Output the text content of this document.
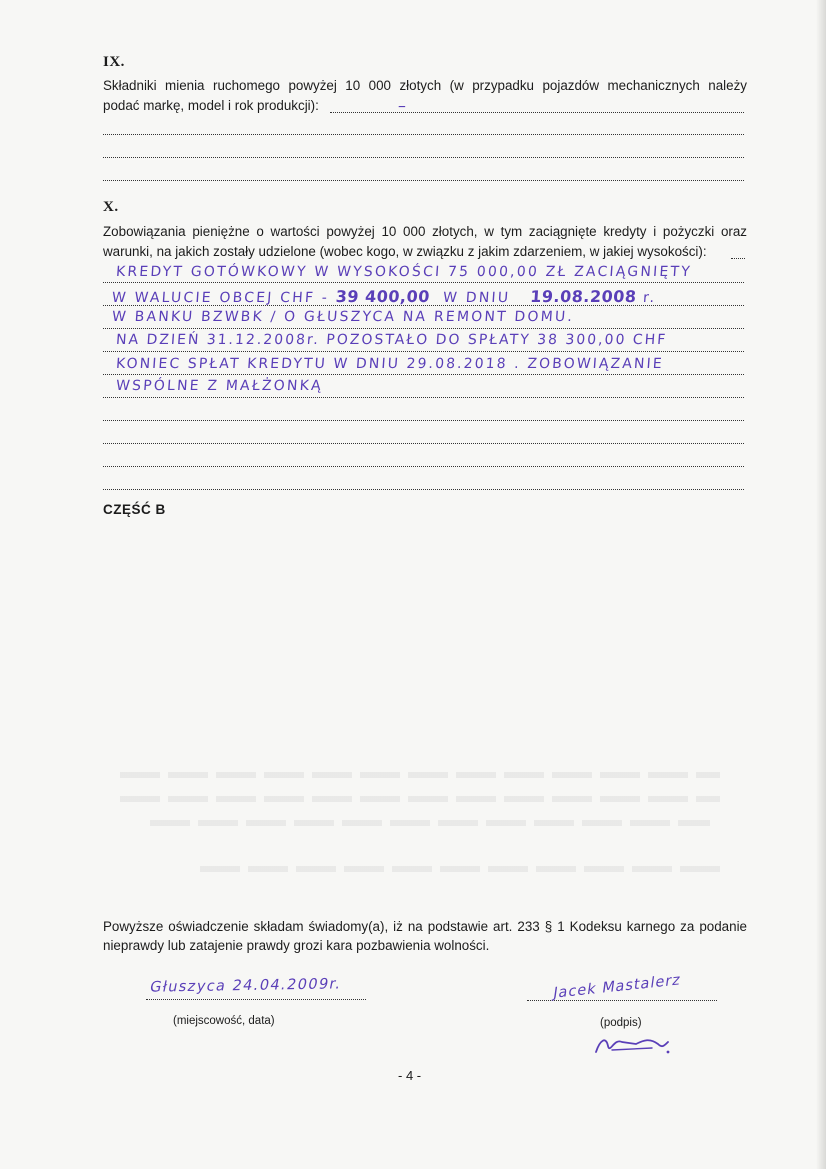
IX.
Składniki mienia ruchomego powyżej 10 000 złotych (w przypadku pojazdów mechanicznych należy
podać markę, model i rok produkcji):	–
X.
Zobowiązania pieniężne o wartości powyżej 10 000 złotych, w tym zaciągnięte kredyty i pożyczki oraz
warunki, na jakich zostały udzielone (wobec kogo, w związku z jakim zdarzeniem, w jakiej wysokości):
KREDYT GOTÓWKOWY W WYSOKOŚCI 75 000,00 ZŁ ZACIĄGNIĘTY
W WALUCIE OBCEJ CHF - 39 400,00 W DNIU 19.08.2008 r.
W BANKU BZWBK / O GŁUSZYCA NA REMONT DOMU.
NA DZIEŃ 31.12.2008r. POZOSTAŁO DO SPŁATY 38 300,00 CHF
KONIEC SPŁAT KREDYTU W DNIU 29.08.2018 . ZOBOWIĄZANIE
WSPÓLNE Z MAŁŻONKĄ
CZĘŚĆ B
Powyższe oświadczenie składam świadomy(a), iż na podstawie art. 233 § 1 Kodeksu karnego za podanie nieprawdy lub zatajenie prawdy grozi kara pozbawienia wolności.
Głuszyca 24.04.2009r.
(miejscowość, data)
Jacek Mastalerz
(podpis)
- 4 -
